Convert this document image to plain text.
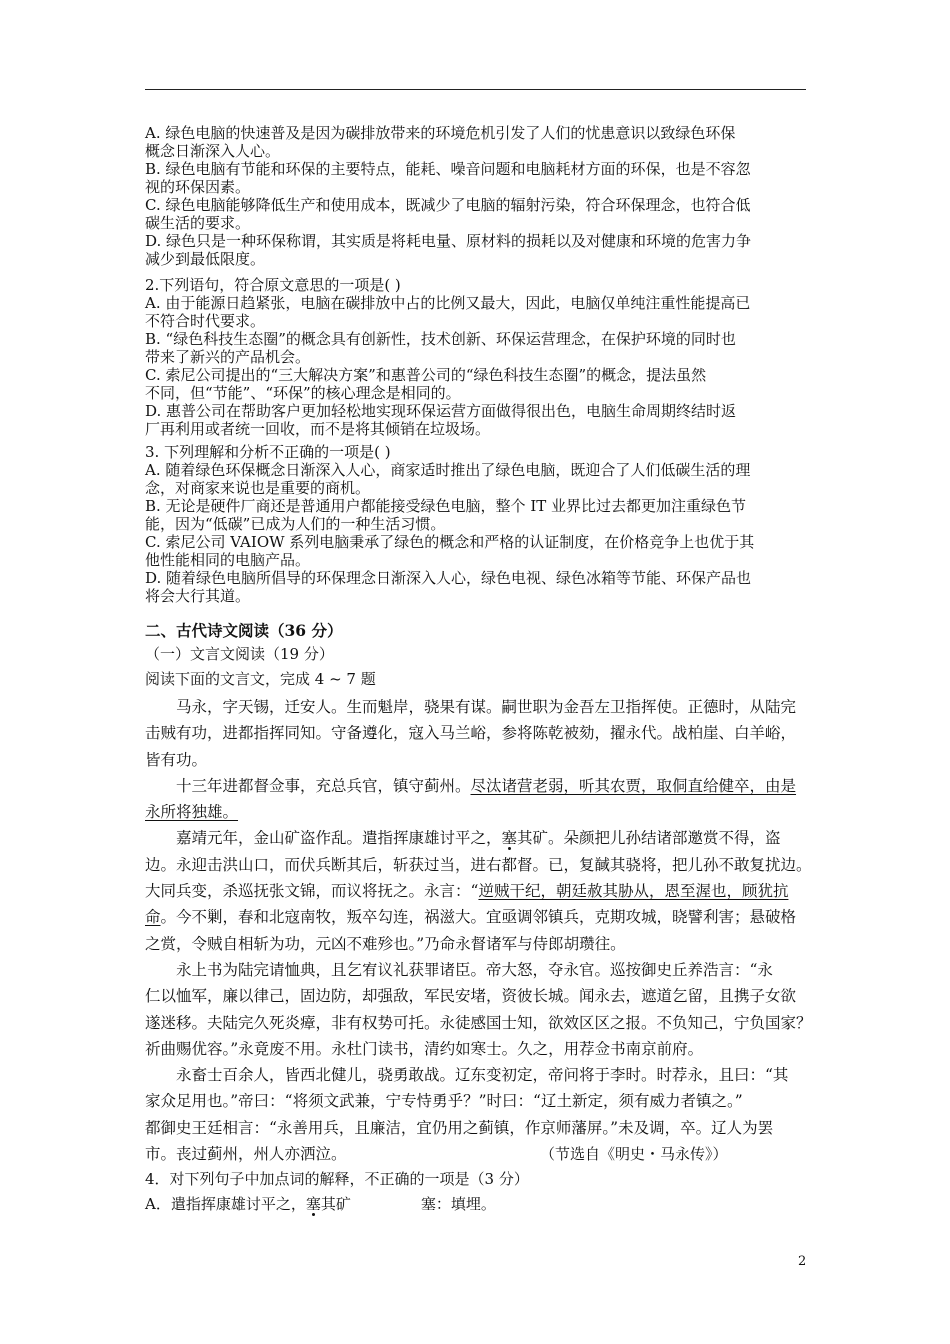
A. 绿色电脑的快速普及是因为碳排放带来的环境危机引发了人们的忧患意识以致绿色环保
概念日渐深入人心。
B. 绿色电脑有节能和环保的主要特点，能耗、噪音问题和电脑耗材方面的环保，也是不容忽
视的环保因素。
C. 绿色电脑能够降低生产和使用成本，既减少了电脑的辐射污染，符合环保理念，也符合低
碳生活的要求。
D. 绿色只是一种环保称谓，其实质是将耗电量、原材料的损耗以及对健康和环境的危害力争
减少到最低限度。
2.下列语句，符合原文意思的一项是( )
A. 由于能源日趋紧张，电脑在碳排放中占的比例又最大，因此，电脑仅单纯注重性能提高已
不符合时代要求。
B. “绿色科技生态圈”的概念具有创新性，技术创新、环保运营理念，在保护环境的同时也
带来了新兴的产品机会。
C. 索尼公司提出的“三大解决方案”和惠普公司的“绿色科技生态圈”的概念，提法虽然
不同，但“节能”、“环保”的核心理念是相同的。
D. 惠普公司在帮助客户更加轻松地实现环保运营方面做得很出色，电脑生命周期终结时返
厂再利用或者统一回收，而不是将其倾销在垃圾场。
3. 下列理解和分析不正确的一项是( )
A. 随着绿色环保概念日渐深入人心，商家适时推出了绿色电脑，既迎合了人们低碳生活的理
念，对商家来说也是重要的商机。
B. 无论是硬件厂商还是普通用户都能接受绿色电脑，整个 IT 业界比过去都更加注重绿色节
能，因为“低碳”已成为人们的一种生活习惯。
C. 索尼公司 VAIOW 系列电脑秉承了绿色的概念和严格的认证制度，在价格竞争上也优于其
他性能相同的电脑产品。
D. 随着绿色电脑所倡导的环保理念日渐深入人心，绿色电视、绿色冰箱等节能、环保产品也
将会大行其道。
二、古代诗文阅读（36 分）
（一）文言文阅读（19 分）
阅读下面的文言文，完成 4 ~ 7 题
马永，字天锡，迁安人。生而魁岸，骁果有谋。嗣世职为金吾左卫指挥使。正德时，从陆完
击贼有功，进都指挥同知。守备遵化，寇入马兰峪，参将陈乾被劾，擢永代。战柏崖、白羊峪，
皆有功。
十三年进都督佥事，充总兵官，镇守蓟州。尽汰诸营老弱，听其农贾，取侗直给健卒，由是
永所将独雄。
嘉靖元年，金山矿盗作乱。遣指挥康雄讨平之，塞其矿。朵颜把儿孙结诸部邀赏不得，盗
边。永迎击洪山口，而伏兵断其后，斩获过当，进右都督。已，复馘其骁将，把儿孙不敢复扰边。
大同兵变，杀巡抚张文锦，而议将抚之。永言：“逆贼干纪，朝廷赦其胁从，恩至渥也，顾犹抗
命。今不剿，春和北寇南牧，叛卒勾连，祸滋大。宜亟调邻镇兵，克期攻城，晓譬利害；悬破格
之赏，令贼自相斩为功，元凶不难殄也。”乃命永督诸军与侍郎胡瓒往。
永上书为陆完请恤典，且乞宥议礼获罪诸臣。帝大怒，夺永官。巡按御史丘养浩言：“永
仁以恤军，廉以律己，固边防，却强敌，军民安堵，资彼长城。闻永去，遮道乞留，且携子女欲
遂迷移。夫陆完久死炎瘴，非有权势可托。永徒感国士知，欲效区区之报。不负知己，宁负国家？
祈曲赐优容。”永竟废不用。永杜门读书，清约如寒士。久之，用荐佥书南京前府。
永畜士百余人，皆西北健儿，骁勇敢战。辽东变初定，帝问将于李时。时荐永，且曰：“其
家众足用也。”帝曰：“将须文武兼，宁专恃勇乎？”时曰：“辽土新定，须有威力者镇之。”
都御史王廷相言：“永善用兵，且廉洁，宜仍用之蓟镇，作京师藩屏。”未及调，卒。辽人为罢
市。丧过蓟州，州人亦洒泣。	（节选自《明史・马永传》）
4．对下列句子中加点词的解释，不正确的一项是（3 分）
A．遣指挥康雄讨平之，塞其矿	塞：填埋。
2
